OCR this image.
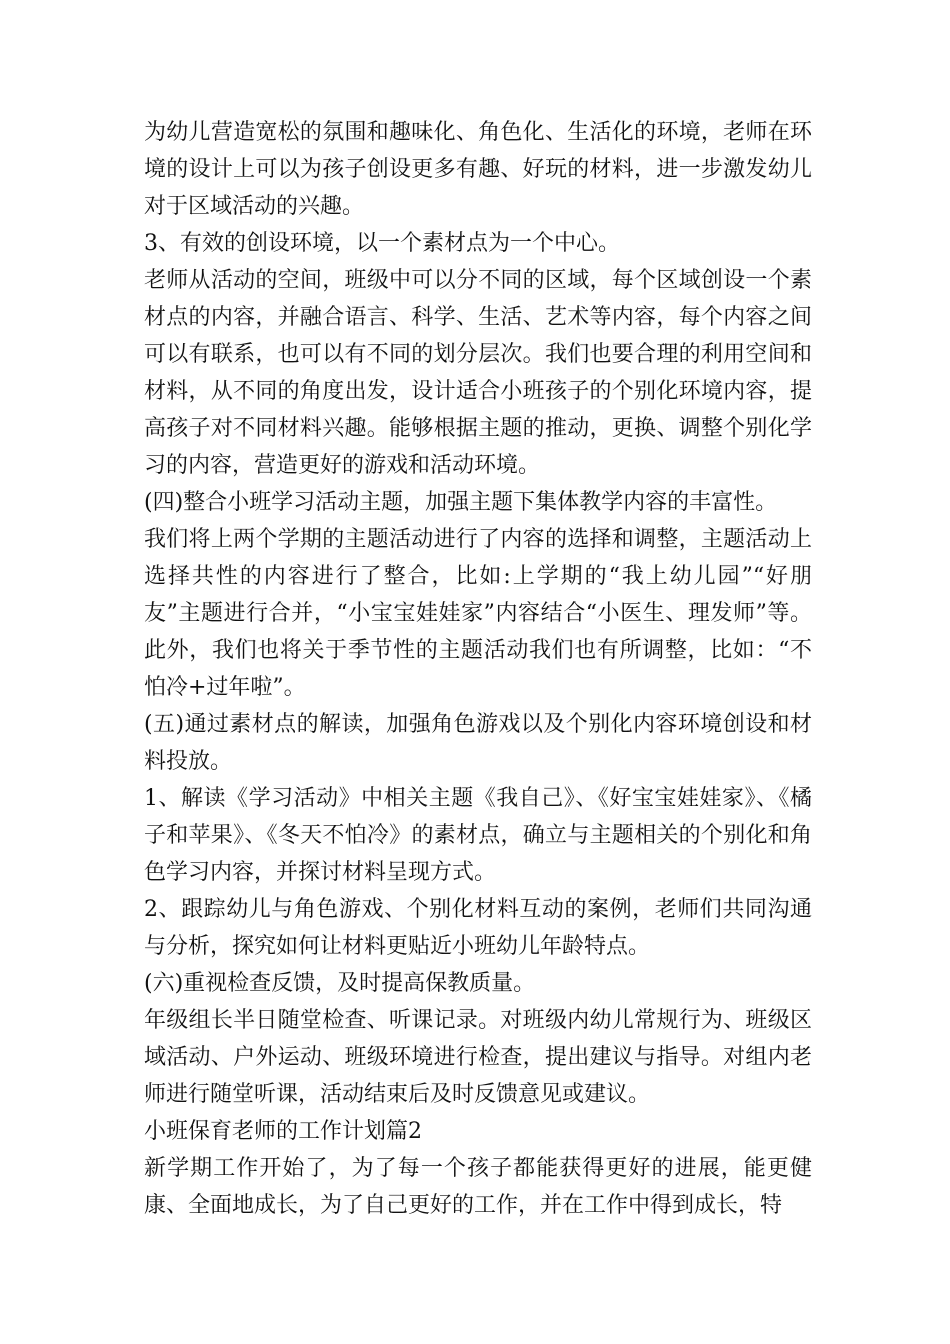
为幼儿营造宽松的氛围和趣味化、角色化、生活化的环境，老师在环境的设计上可以为孩子创设更多有趣、好玩的材料，进一步激发幼儿对于区域活动的兴趣。

3、有效的创设环境，以一个素材点为一个中心。

老师从活动的空间，班级中可以分不同的区域，每个区域创设一个素材点的内容，并融合语言、科学、生活、艺术等内容，每个内容之间可以有联系，也可以有不同的划分层次。我们也要合理的利用空间和材料，从不同的角度出发，设计适合小班孩子的个别化环境内容，提高孩子对不同材料兴趣。能够根据主题的推动，更换、调整个别化学习的内容，营造更好的游戏和活动环境。

(四)整合小班学习活动主题，加强主题下集体教学内容的丰富性。

我们将上两个学期的主题活动进行了内容的选择和调整，主题活动上选择共性的内容进行了整合，比如:上学期的“我上幼儿园”“好朋友”主题进行合并，“小宝宝娃娃家”内容结合“小医生、理发师”等。此外，我们也将关于季节性的主题活动我们也有所调整，比如：“不怕冷+过年啦”。

(五)通过素材点的解读，加强角色游戏以及个别化内容环境创设和材料投放。

1、解读《学习活动》中相关主题《我自己》、《好宝宝娃娃家》、《橘子和苹果》、《冬天不怕冷》的素材点，确立与主题相关的个别化和角色学习内容，并探讨材料呈现方式。

2、跟踪幼儿与角色游戏、个别化材料互动的案例，老师们共同沟通与分析，探究如何让材料更贴近小班幼儿年龄特点。

(六)重视检查反馈，及时提高保教质量。

年级组长半日随堂检查、听课记录。对班级内幼儿常规行为、班级区域活动、户外运动、班级环境进行检查，提出建议与指导。对组内老师进行随堂听课，活动结束后及时反馈意见或建议。

小班保育老师的工作计划篇2

新学期工作开始了，为了每一个孩子都能获得更好的进展，能更健康、全面地成长，为了自己更好的工作，并在工作中得到成长，特
